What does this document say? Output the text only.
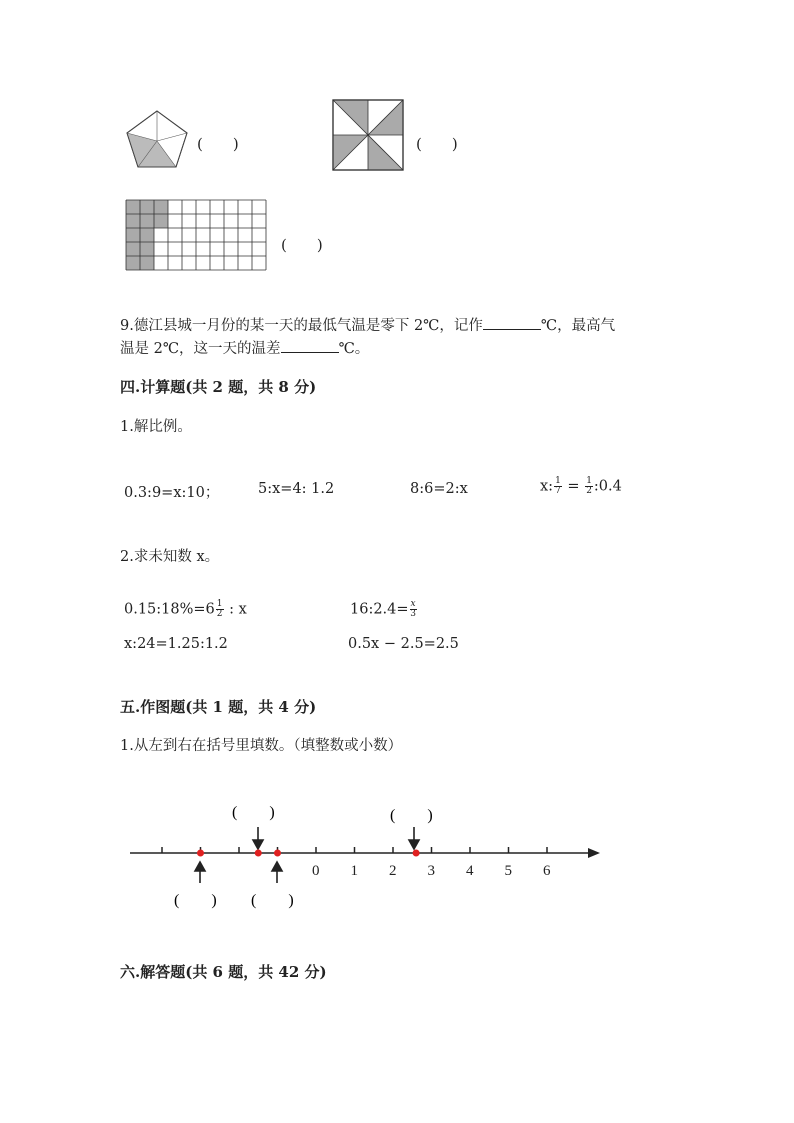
(　　)	(　　)
(　　)
9.德江县城一月份的某一天的最低气温是零下 2℃，记作	℃，最高气
温是 2℃，这一天的温差	℃。
四.计算题(共 2 题，共 8 分)
1.解比例。
0.3:9=x:10；	5:x=4: 1.2	8:6=2:x	x: $\frac{1}{7} = \frac{1}{2}$ :0.4
2.求未知数 x。
0.15:18%=6 $\frac{1}{2}$ : x	16:2.4= $\frac{x}{3}$
x:24=1.25:1.2	0.5x − 2.5=2.5
五.作图题(共 1 题，共 4 分)
1.从左到右在括号里填数。（填整数或小数）
0 1 2 3 4 5 6
(　　)	(　　)
(　　) (　　)
六.解答题(共 6 题，共 42 分)
